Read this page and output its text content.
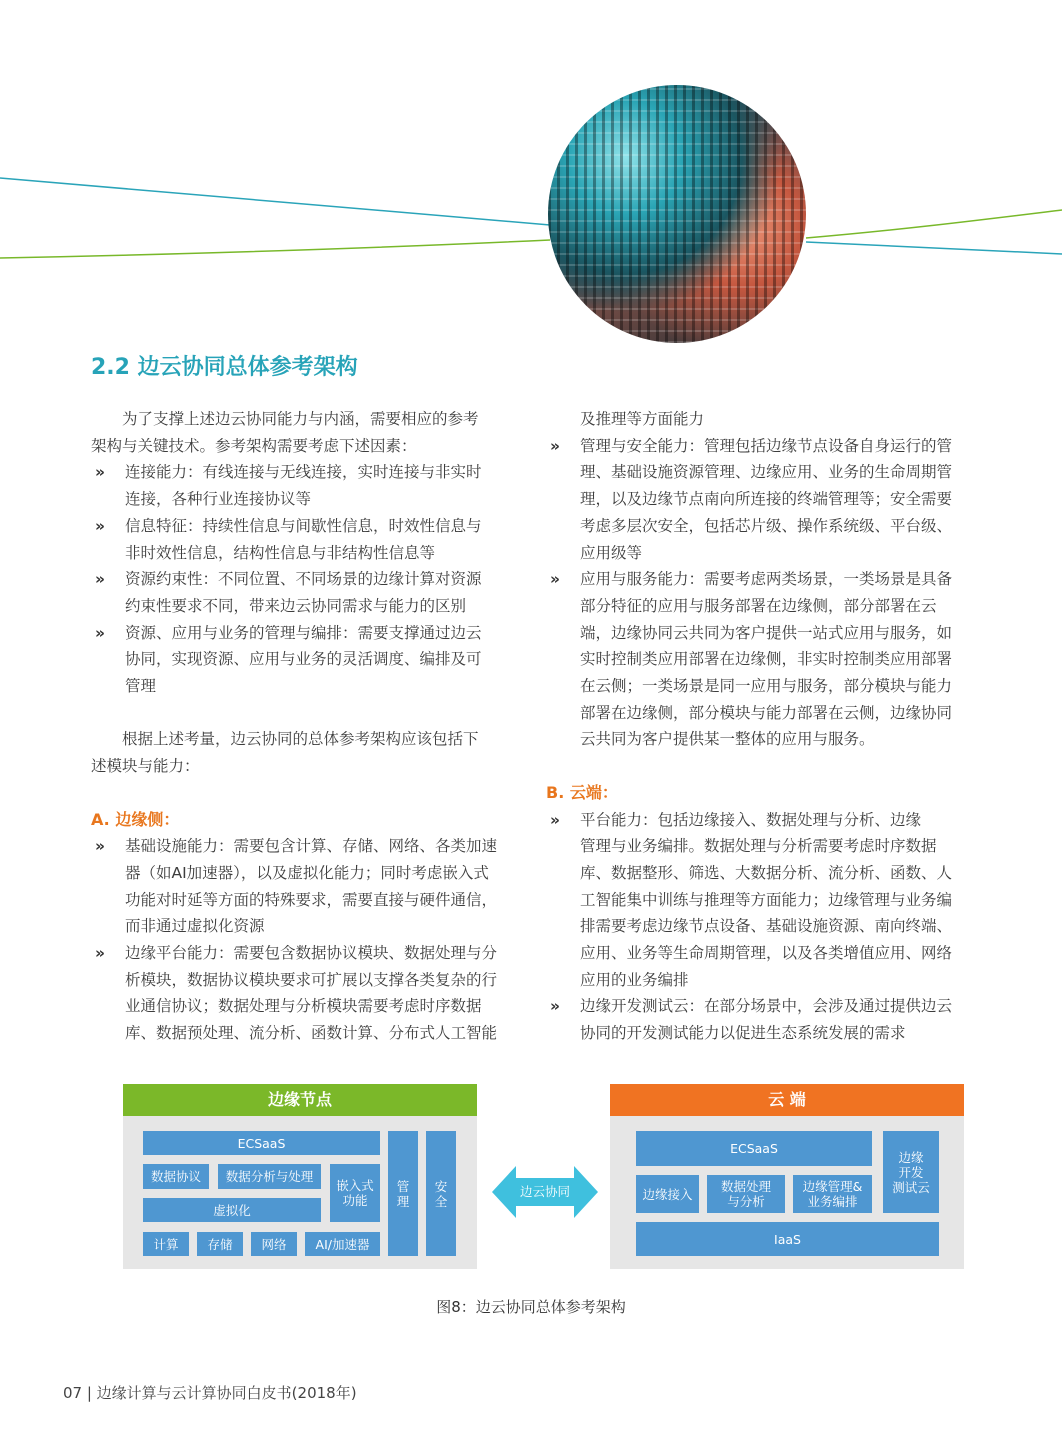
2.2 边云协同总体参考架构

为了支撑上述边云协同能力与内涵，需要相应的参考

架构与关键技术。参考架构需要考虑下述因素：

» 连接能力：有线连接与无线连接，实时连接与非实时

连接，各种行业连接协议等

» 信息特征：持续性信息与间歇性信息，时效性信息与

非时效性信息，结构性信息与非结构性信息等

» 资源约束性：不同位置、不同场景的边缘计算对资源

约束性要求不同，带来边云协同需求与能力的区别

» 资源、应用与业务的管理与编排：需要支撑通过边云

协同，实现资源、应用与业务的灵活调度、编排及可

管理

根据上述考量，边云协同的总体参考架构应该包括下

述模块与能力：

A. 边缘侧：

» 基础设施能力：需要包含计算、存储、网络、各类加速

器（如AI加速器），以及虚拟化能力；同时考虑嵌入式

功能对时延等方面的特殊要求，需要直接与硬件通信，

而非通过虚拟化资源

» 边缘平台能力：需要包含数据协议模块、数据处理与分

析模块，数据协议模块要求可扩展以支撑各类复杂的行

业通信协议；数据处理与分析模块需要考虑时序数据

库、数据预处理、流分析、函数计算、分布式人工智能

及推理等方面能力

» 管理与安全能力：管理包括边缘节点设备自身运行的管

理、基础设施资源管理、边缘应用、业务的生命周期管

理，以及边缘节点南向所连接的终端管理等；安全需要

考虑多层次安全，包括芯片级、操作系统级、平台级、

应用级等

» 应用与服务能力：需要考虑两类场景，一类场景是具备

部分特征的应用与服务部署在边缘侧，部分部署在云

端，边缘协同云共同为客户提供一站式应用与服务，如

实时控制类应用部署在边缘侧，非实时控制类应用部署

在云侧；一类场景是同一应用与服务，部分模块与能力

部署在边缘侧，部分模块与能力部署在云侧，边缘协同

云共同为客户提供某一整体的应用与服务。

B. 云端：

» 平台能力：包括边缘接入、数据处理与分析、边缘

管理与业务编排。数据处理与分析需要考虑时序数据

库、数据整形、筛选、大数据分析、流分析、函数、人

工智能集中训练与推理等方面能力；边缘管理与业务编

排需要考虑边缘节点设备、基础设施资源、南向终端、

应用、业务等生命周期管理，以及各类增值应用、网络

应用的业务编排

» 边缘开发测试云：在部分场景中，会涉及通过提供边云

协同的开发测试能力以促进生态系统发展的需求

边缘节点
ECSaaS
数据协议	数据分析与处理
嵌入式
功能
虚拟化
计算	存储	网络	AI/加速器
管
理
安
全
边云协同
云 端
ECSaaS
边缘接入	数据处理
与分析
边缘管理&
业务编排
边缘
开发
测试云
IaaS

图8：边云协同总体参考架构

07 | 边缘计算与云计算协同白皮书(2018年)
